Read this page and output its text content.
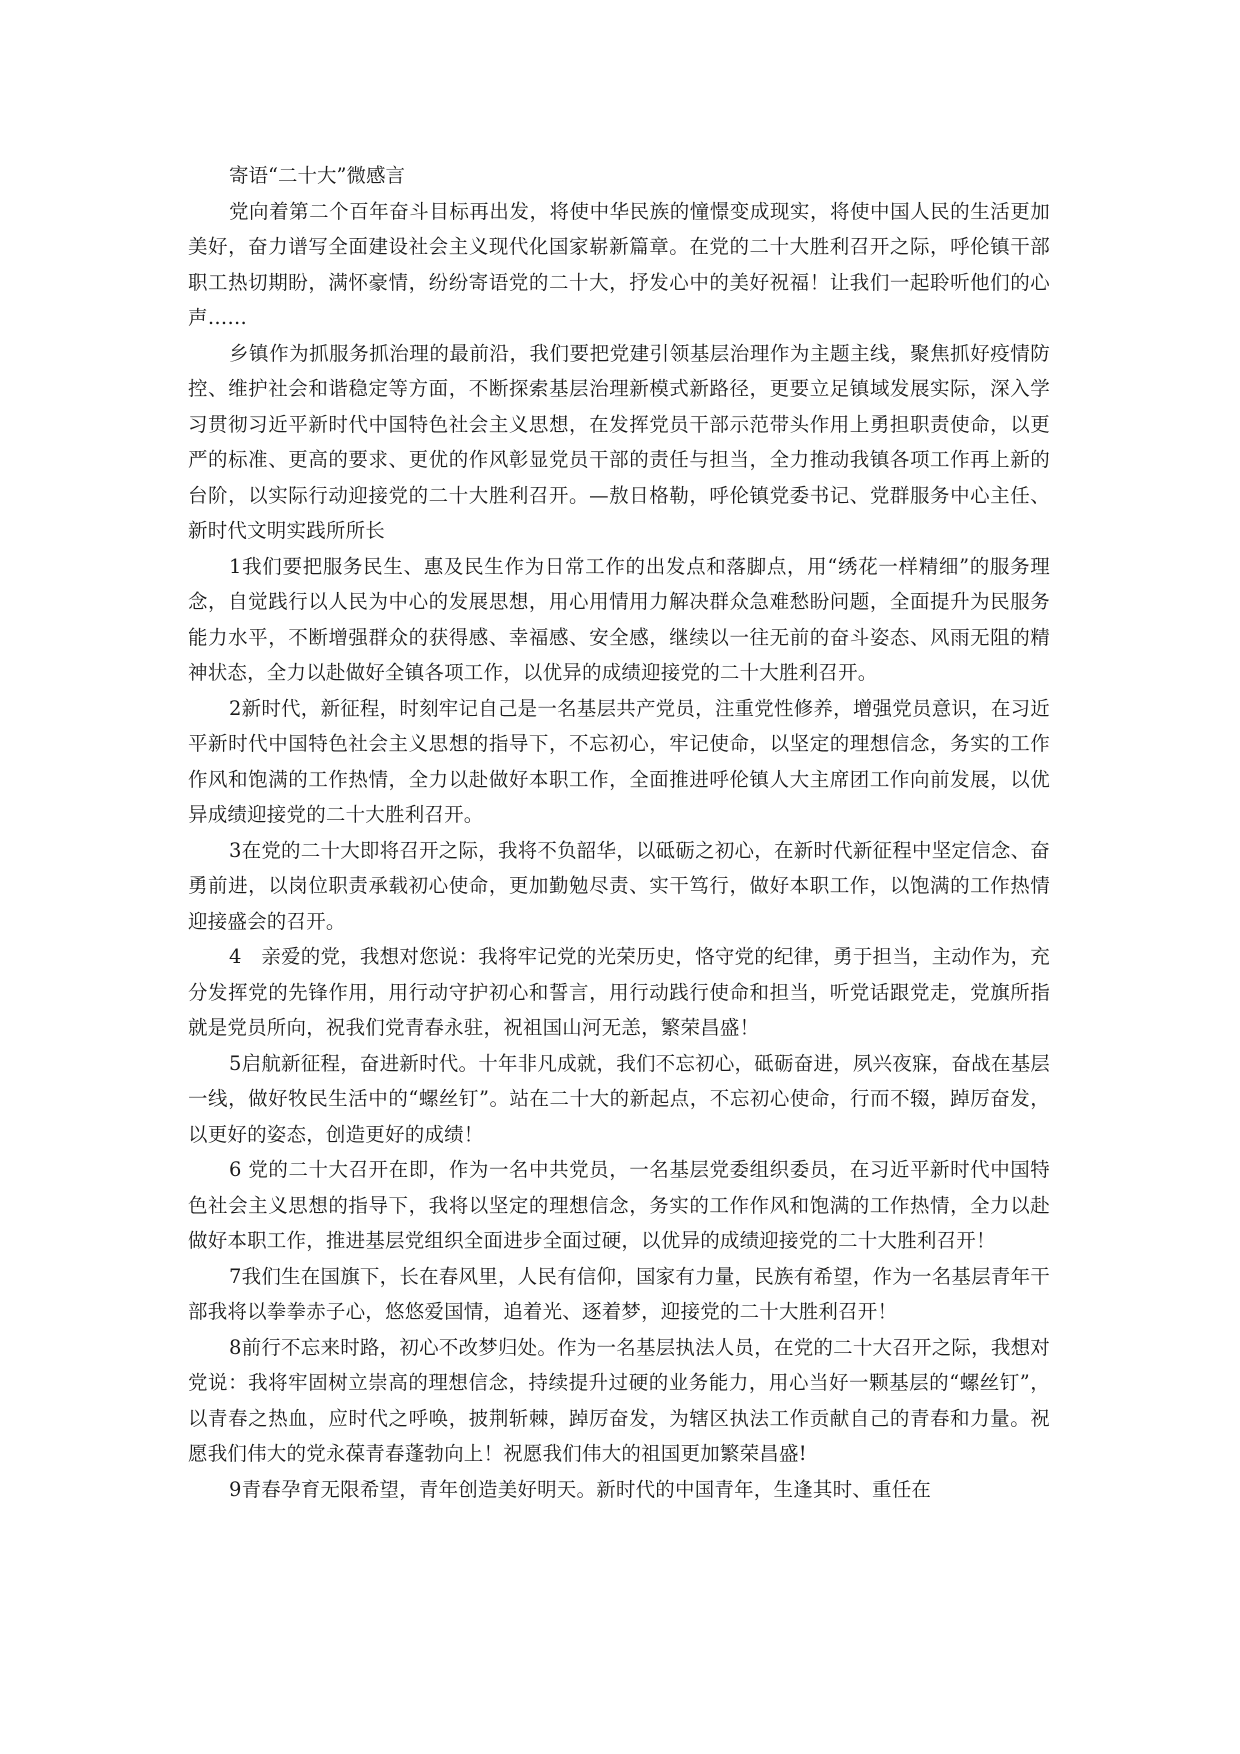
寄语“二十大”微感言

党向着第二个百年奋斗目标再出发，将使中华民族的憧憬变成现实，将使中国人民的生活更加美好，奋力谱写全面建设社会主义现代化国家崭新篇章。在党的二十大胜利召开之际，呼伦镇干部职工热切期盼，满怀豪情，纷纷寄语党的二十大，抒发心中的美好祝福！让我们一起聆听他们的心声……

乡镇作为抓服务抓治理的最前沿，我们要把党建引领基层治理作为主题主线，聚焦抓好疫情防控、维护社会和谐稳定等方面，不断探索基层治理新模式新路径，更要立足镇域发展实际，深入学习贯彻习近平新时代中国特色社会主义思想，在发挥党员干部示范带头作用上勇担职责使命，以更严的标准、更高的要求、更优的作风彰显党员干部的责任与担当，全力推动我镇各项工作再上新的台阶，以实际行动迎接党的二十大胜利召开。—敖日格勒，呼伦镇党委书记、党群服务中心主任、新时代文明实践所所长

1我们要把服务民生、惠及民生作为日常工作的出发点和落脚点，用“绣花一样精细”的服务理念，自觉践行以人民为中心的发展思想，用心用情用力解决群众急难愁盼问题，全面提升为民服务能力水平，不断增强群众的获得感、幸福感、安全感，继续以一往无前的奋斗姿态、风雨无阻的精神状态，全力以赴做好全镇各项工作，以优异的成绩迎接党的二十大胜利召开。

2新时代，新征程，时刻牢记自己是一名基层共产党员，注重党性修养，增强党员意识，在习近平新时代中国特色社会主义思想的指导下，不忘初心，牢记使命，以坚定的理想信念，务实的工作作风和饱满的工作热情，全力以赴做好本职工作，全面推进呼伦镇人大主席团工作向前发展，以优异成绩迎接党的二十大胜利召开。

3在党的二十大即将召开之际，我将不负韶华，以砥砺之初心，在新时代新征程中坚定信念、奋勇前进，以岗位职责承载初心使命，更加勤勉尽责、实干笃行，做好本职工作，以饱满的工作热情迎接盛会的召开。

4　亲爱的党，我想对您说：我将牢记党的光荣历史，恪守党的纪律，勇于担当，主动作为，充分发挥党的先锋作用，用行动守护初心和誓言，用行动践行使命和担当，听党话跟党走，党旗所指就是党员所向，祝我们党青春永驻，祝祖国山河无恙，繁荣昌盛！

5启航新征程，奋进新时代。十年非凡成就，我们不忘初心，砥砺奋进，夙兴夜寐，奋战在基层一线，做好牧民生活中的“螺丝钉”。站在二十大的新起点，不忘初心使命，行而不辍，踔厉奋发，以更好的姿态，创造更好的成绩！

6 党的二十大召开在即，作为一名中共党员，一名基层党委组织委员，在习近平新时代中国特色社会主义思想的指导下，我将以坚定的理想信念，务实的工作作风和饱满的工作热情，全力以赴做好本职工作，推进基层党组织全面进步全面过硬，以优异的成绩迎接党的二十大胜利召开！

7我们生在国旗下，长在春风里，人民有信仰，国家有力量，民族有希望，作为一名基层青年干部我将以拳拳赤子心，悠悠爱国情，追着光、逐着梦，迎接党的二十大胜利召开！

8前行不忘来时路，初心不改梦归处。作为一名基层执法人员，在党的二十大召开之际，我想对党说：我将牢固树立崇高的理想信念，持续提升过硬的业务能力，用心当好一颗基层的“螺丝钉”，以青春之热血，应时代之呼唤，披荆斩棘，踔厉奋发，为辖区执法工作贡献自己的青春和力量。祝愿我们伟大的党永葆青春蓬勃向上！祝愿我们伟大的祖国更加繁荣昌盛!

9青春孕育无限希望，青年创造美好明天。新时代的中国青年，生逢其时、重任在
